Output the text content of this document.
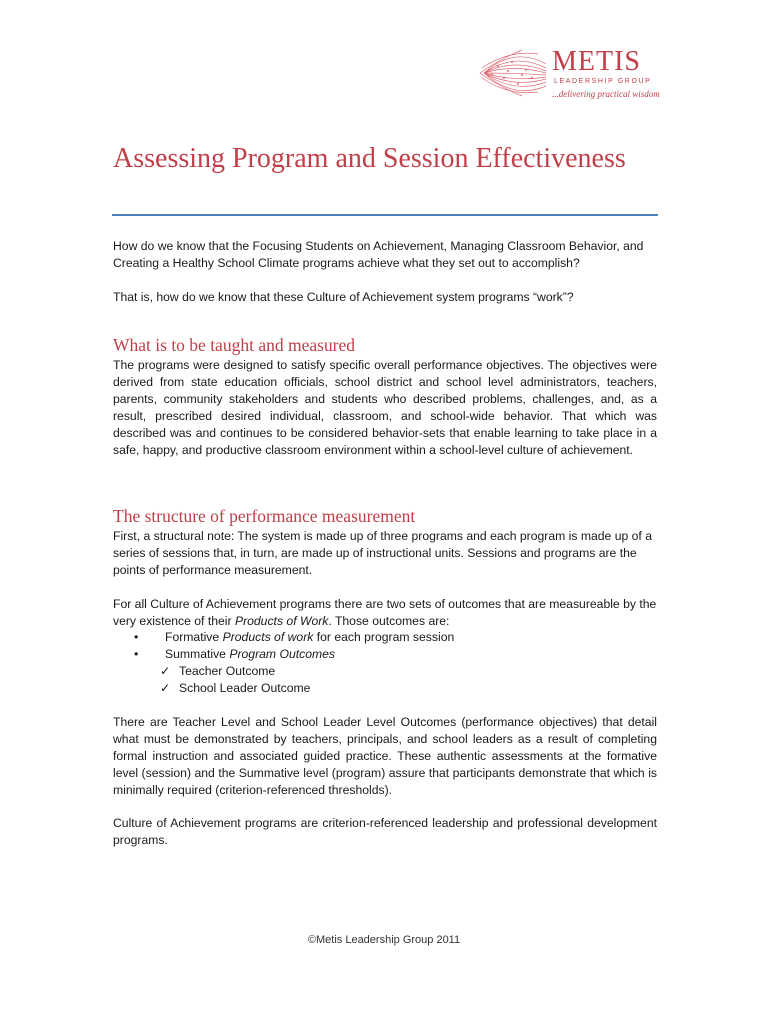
METIS
LEADERSHIP GROUP
...delivering practical wisdom
Assessing Program and Session Effectiveness

How do we know that the Focusing Students on Achievement, Managing Classroom Behavior, and Creating a Healthy School Climate programs achieve what they set out to accomplish?

That is, how do we know that these Culture of Achievement system programs “work”?

What is to be taught and measured

The programs were designed to satisfy specific overall performance objectives. The objectives were derived from state education officials, school district and school level administrators, teachers, parents, community stakeholders and students who described problems, challenges, and, as a result, prescribed desired individual, classroom, and school-wide behavior. That which was described was and continues to be considered behavior-sets that enable learning to take place in a safe, happy, and productive classroom environment within a school-level culture of achievement.

The structure of performance measurement

First, a structural note: The system is made up of three programs and each program is made up of a series of sessions that, in turn, are made up of instructional units. Sessions and programs are the points of performance measurement.

For all Culture of Achievement programs there are two sets of outcomes that are measureable by the very existence of their Products of Work. Those outcomes are:

• Formative Products of work for each program session
• Summative Program Outcomes
✓ Teacher Outcome
✓ School Leader Outcome

There are Teacher Level and School Leader Level Outcomes (performance objectives) that detail what must be demonstrated by teachers, principals, and school leaders as a result of completing formal instruction and associated guided practice. These authentic assessments at the formative level (session) and the Summative level (program) assure that participants demonstrate that which is minimally required (criterion-referenced thresholds).

Culture of Achievement programs are criterion-referenced leadership and professional development programs.

©Metis Leadership Group 2011
